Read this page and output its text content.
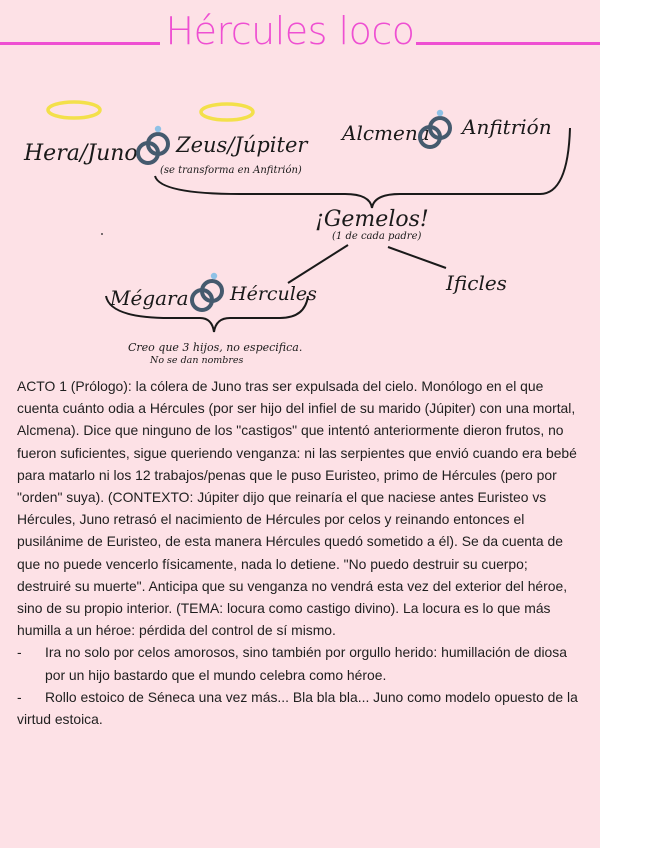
Hércules loco
Hera/Juno Zeus/Júpiter
(se transforma en Anfitrión)
Alcmena Anfitrión
¡Gemelos!
(1 de cada padre)
Mégara Hércules	Ificles
Creo que 3 hijos, no especifica.
No se dan nombres

ACTO 1 (Prólogo): la cólera de Juno tras ser expulsada del cielo. Monólogo en el que cuenta cuánto odia a Hércules (por ser hijo del infiel de su marido (Júpiter) con una mortal, Alcmena). Dice que ninguno de los "castigos" que intentó anteriormente dieron frutos, no fueron suficientes, sigue queriendo venganza: ni las serpientes que envió cuando era bebé para matarlo ni los 12 trabajos/penas que le puso Euristeo, primo de Hércules (pero por "orden" suya). (CONTEXTO: Júpiter dijo que reinaría el que naciese antes Euristeo vs Hércules, Juno retrasó el nacimiento de Hércules por celos y reinando entonces el pusilánime de Euristeo, de esta manera Hércules quedó sometido a él). Se da cuenta de que no puede vencerlo físicamente, nada lo detiene. "No puedo destruir su cuerpo; destruiré su muerte". Anticipa que su venganza no vendrá esta vez del exterior del héroe, sino de su propio interior. (TEMA: locura como castigo divino). La locura es lo que más humilla a un héroe: pérdida del control de sí mismo.

- Ira no solo por celos amorosos, sino también por orgullo herido: humillación de diosa por un hijo bastardo que el mundo celebra como héroe.
- Rollo estoico de Séneca una vez más... Bla bla bla... Juno como modelo opuesto de la virtud estoica.
